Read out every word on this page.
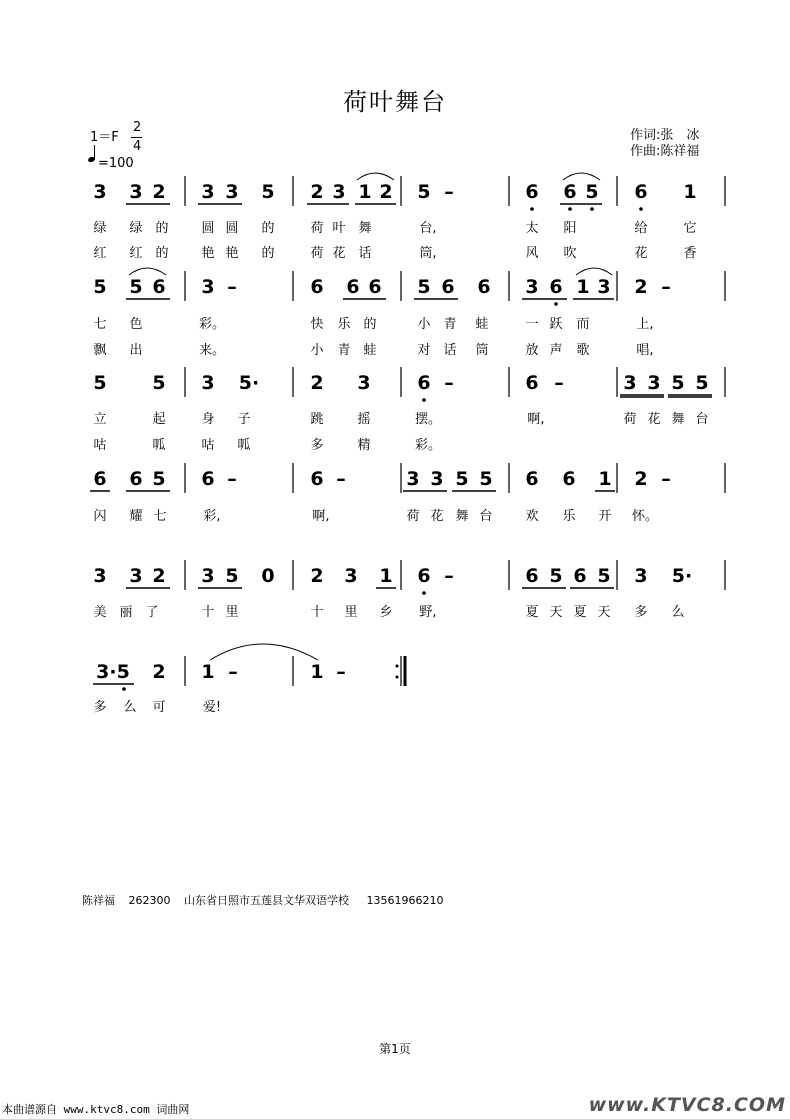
荷叶舞台
1＝F
2
4
=100
作词:张　冰
作曲:陈祥福
3 3 2 3 3 5 2 3 1 2 5 –	6 6 5 6 1
绿	绿 的	圆 圆	的	荷 叶 舞	台,	太	阳	给	它
红	红 的	艳 艳	的	荷 花 话	筒,	风	吹	花	香
5 5 6 3 –	6 6 6 5 6 6 3 6 1 3 2 –
七	色	彩。	快	乐 的	小 青	蛙	一 跃	而	上,
飘	出	来。	小	青 蛙	对 话	筒	放 声	歌	唱,
5 5 3 5·	2 3 6 –	6 –	3 3 5 5
立	起	身	子	跳	摇	摆。	啊,	荷 花 舞 台
咕	呱	咕	呱	多	精	彩。
6 6 5 6 –	6 –	3 3 5 5 6 6 1 2 –
闪	耀 七	彩,	啊,	荷 花 舞 台	欢	乐	开	怀。
3 3 2 3 5 0 2 3 1 6 –	6 5 6 5 3 5·
美 丽 了	十 里	十	里	乡	野,	夏 天 夏 天	多	么
3·5 2 1 –	1 –
多	么	可	爱!
陈祥福 262300 山东省日照市五莲县文华双语学校 13561966210
第1页
本曲谱源自 www.ktvc8.com 词曲网	www.KTVC8.COM
